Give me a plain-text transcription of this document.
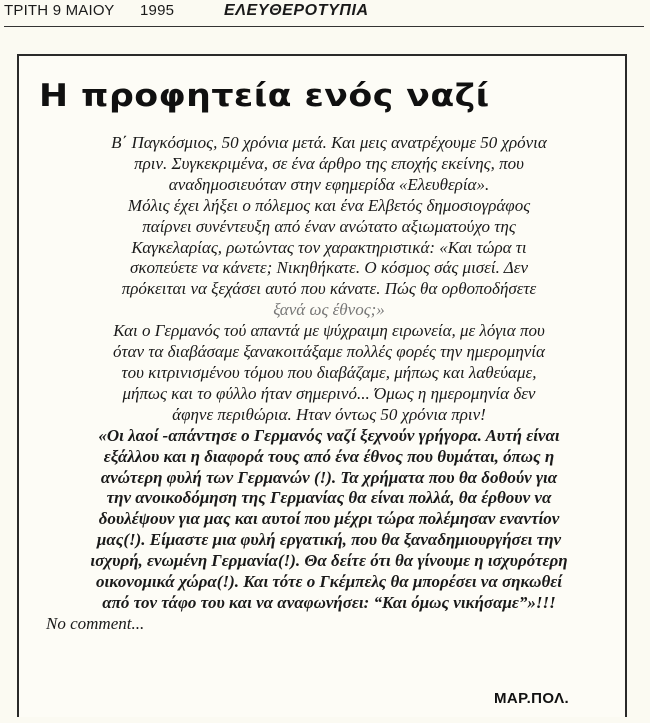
ΤΡΙΤΗ 9 ΜΑΙΟΥ 1995	ΕΛΕΥΘΕΡΟΤΥΠΙΑ
Η προφητεία ενός ναζί
Β΄ Παγκόσμιος, 50 χρόνια μετά. Και μεις ανατρέχουμε 50 χρόνια
πριν. Συγκεκριμένα, σε ένα άρθρο της εποχής εκείνης, που
αναδημοσιευόταν στην εφημερίδα «Ελευθερία».
Μόλις έχει λήξει ο πόλεμος και ένα Ελβετός δημοσιογράφος
παίρνει συνέντευξη από έναν ανώτατο αξιωματούχο της
Καγκελαρίας, ρωτώντας τον χαρακτηριστικά: «Και τώρα τι
σκοπεύετε να κάνετε; Νικηθήκατε. Ο κόσμος σάς μισεί. Δεν
πρόκειται να ξεχάσει αυτό που κάνατε. Πώς θα ορθοποδήσετε
ξανά ως έθνος;»
Και ο Γερμανός τού απαντά με ψύχραιμη ειρωνεία, με λόγια που
όταν τα διαβάσαμε ξανακοιτάξαμε πολλές φορές την ημερομηνία
του κιτρινισμένου τόμου που διαβάζαμε, μήπως και λαθεύαμε,
μήπως και το φύλλο ήταν σημερινό... Όμως η ημερομηνία δεν
άφηνε περιθώρια. Ηταν όντως 50 χρόνια πριν!
«Οι λαοί -απάντησε ο Γερμανός ναζί ξεχνούν γρήγορα. Αυτή είναι
εξάλλου και η διαφορά τους από ένα έθνος που θυμάται, όπως η
ανώτερη φυλή των Γερμανών (!). Τα χρήματα που θα δοθούν για
την ανοικοδόμηση της Γερμανίας θα είναι πολλά, θα έρθουν να
δουλέψουν για μας και αυτοί που μέχρι τώρα πολέμησαν εναντίον
μας(!). Είμαστε μια φυλή εργατική, που θα ξαναδημιουργήσει την
ισχυρή, ενωμένη Γερμανία(!). Θα δείτε ότι θα γίνουμε η ισχυρότερη
οικονομικά χώρα(!). Και τότε ο Γκέμπελς θα μπορέσει να σηκωθεί
από τον τάφο του και να αναφωνήσει: “Και όμως νικήσαμε”»!!!
No comment...
ΜΑΡ.ΠΟΛ.
